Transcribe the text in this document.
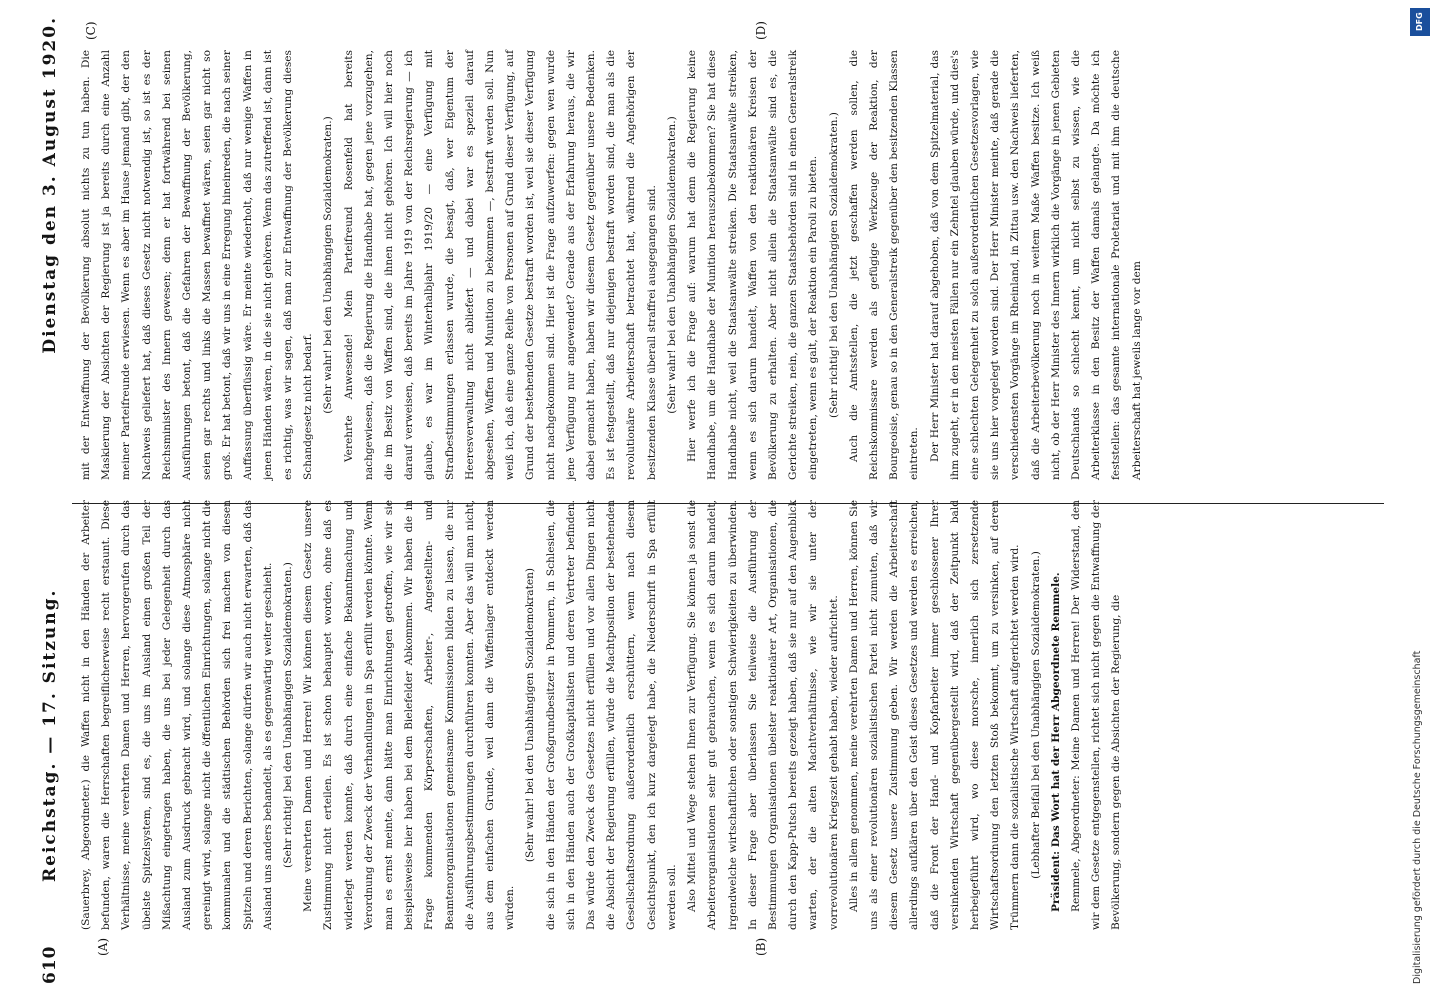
610
Reichstag. — 17. Sitzung.
Dienstag den 3. August 1920.
(A)	(B)
(C)	(D)

(Sauerbrey, Abgeordneter.) die Waffen nicht in den Händen der Arbeiter befunden, waren die Herrschaften begreiflicherweise recht erstaunt. Diese Verhältnisse, meine verehrten Damen und Herren, hervorgerufen durch das übelste Spitzelsystem, sind es, die uns im Ausland einen großen Teil der Mißachtung eingetragen haben, die uns bei jeder Gelegenheit durch das Ausland zum Ausdruck gebracht wird, und solange diese Atmosphäre nicht gereinigt wird, solange nicht die öffentlichen Einrichtungen, solange nicht die kommunalen und die städtischen Behörden sich frei machen von diesen Spitzeln und deren Berichten, solange dürfen wir auch nicht erwarten, daß das Ausland uns anders behandelt, als es gegenwärtig weiter geschieht. (Sehr richtig! bei den Unabhängigen Sozialdemokraten.) Meine verehrten Damen und Herren! Wir können diesem Gesetz unsere Zustimmung nicht erteilen. Es ist schon behauptet worden, ohne daß es widerlegt werden konnte, daß durch eine einfache Bekanntmachung und Verordnung der Zweck der Verhandlungen in Spa erfüllt werden könnte. Wenn man es ernst meinte, dann hätte man Einrichtungen getroffen, wie wir sie beispielsweise hier haben bei dem Bielefelder Abkommen. Wir haben die in Frage kommenden Körperschaften, Arbeiter-, Angestellten- und Beamtenorganisationen gemeinsame Kommissionen bilden zu lassen, die nur die Ausführungsbestimmungen durchführen konnten. Aber das will man nicht, aus dem einfachen Grunde, weil dann die Waffenlager entdeckt werden würden.

(Sehr wahr! bei den Unabhängigen Sozialdemokraten) die sich in den Händen der Großgrundbesitzer in Pommern, in Schlesien, die sich in den Händen auch der Großkapitalisten und deren Vertreter befinden. Das würde den Zweck des Gesetzes nicht erfüllen und vor allen Dingen nicht die Absicht der Regierung erfüllen, würde die Machtposition der bestehenden Gesellschaftsordnung außerordentlich erschüttern, wenn nach diesem Gesichtspunkt, den ich kurz dargelegt habe, die Niederschrift in Spa erfüllt werden soll. Also Mittel und Wege stehen Ihnen zur Verfügung. Sie können ja sonst die Arbeiterorganisationen sehr gut gebrauchen, wenn es sich darum handelt, irgendwelche wirtschaftlichen oder sonstigen Schwierigkeiten zu überwinden. In dieser Frage aber überlassen Sie teilweise die Ausführung der Bestimmungen Organisationen übelster reaktionärer Art, Organisationen, die durch den Kapp-Putsch bereits gezeigt haben, daß sie nur auf den Augenblick warten, der die alten Machtverhältnisse, wie wir sie unter der vorrevolutionären Kriegszeit gehabt haben, wieder aufrichtet. Alles in allem genommen, meine verehrten Damen und Herren, können Sie uns als einer revolutionären sozialistischen Partei nicht zumuten, daß wir diesem Gesetz unsere Zustimmung geben. Wir werden die Arbeiterschaft allerdings aufklären über den Geist dieses Gesetzes und werden es erreichen, daß die Front der Hand- und Kopfarbeiter immer geschlossener Ihrer versinkenden Wirtschaft gegenübergestellt wird, daß der Zeitpunkt bald herbeigeführt wird, wo diese morsche, innerlich sich zersetzende Wirtschaftsordnung den letzten Stoß bekommt, um zu versinken, auf deren Trümmern dann die sozialistische Wirtschaft aufgerichtet werden wird. (Lebhafter Beifall bei den Unabhängigen Sozialdemokraten.) Präsident: Das Wort hat der Herr Abgeordnete Remmele. Remmele, Abgeordneter: Meine Damen und Herren! Der Widerstand, den wir dem Gesetze entgegenstellen, richtet sich nicht gegen die Entwaffnung der Bevölkerung, sondern gegen die Absichten der Regierung, die

mit der Entwaffnung der Bevölkerung absolut nichts zu tun haben. Die Maskierung der Absichten der Regierung ist ja bereits durch eine Anzahl meiner Parteifreunde erwiesen. Wenn es aber im Hause jemand gibt, der den Nachweis geliefert hat, daß dieses Gesetz nicht notwendig ist, so ist es der Reichsminister des Innern gewesen; denn er hat fortwährend bei seinen Ausführungen betont, daß die Gefahren der Bewaffnung der Bevölkerung, seien gar rechts und links die Massen bewaffnet wären, seien gar nicht so groß. Er hat betont, daß wir uns in eine Erregung hineinreden, die nach seiner Auffassung überflüssig wäre. Er meinte wiederholt, daß nur wenige Waffen in jenen Händen wären, in die sie nicht gehören. Wenn das zutreffend ist, dann ist es richtig, was wir sagen, daß man zur Entwaffnung der Bevölkerung dieses Schandgesetz nicht bedarf. (Sehr wahr! bei den Unabhängigen Sozialdemokraten.) Verehrte Anwesende! Mein Parteifreund Rosenfeld hat bereits nachgewiesen, daß die Regierung die Handhabe hat, gegen jene vorzugehen, die im Besitz von Waffen sind, die ihnen nicht gehören. Ich will hier noch darauf verweisen, daß bereits im Jahre 1919 von der Reichsregierung — ich glaube, es war im Winterhalbjahr 1919/20 — eine Verfügung mit Strafbestimmungen erlassen wurde, die besagt, daß, wer Eigentum der Heeresverwaltung nicht abliefert — und dabei war es speziell darauf abgesehen, Waffen und Munition zu bekommen —, bestraft werden soll. Nun weiß ich, daß eine ganze Reihe von Personen auf Grund dieser Verfügung, auf Grund der bestehenden Gesetze bestraft worden ist, weil sie dieser Verfügung nicht nachgekommen sind. Hier ist die Frage aufzuwerfen: gegen wen wurde jene Verfügung nur angewendet? Gerade aus der Erfahrung heraus, die wir dabei gemacht haben, haben wir diesem Gesetz gegenüber unsere Bedenken. Es ist festgestellt, daß nur diejenigen bestraft worden sind, die man als die revolutionäre Arbeiterschaft betrachtet hat, während die Angehörigen der besitzenden Klasse überall straffrei ausgegangen sind. (Sehr wahr! bei den Unabhängigen Sozialdemokraten.) Hier werfe ich die Frage auf: warum hat denn die Regierung keine Handhabe, um die Handhabe der Munition herauszubekommen? Sie hat diese Handhabe nicht, weil die Staatsanwälte streiken. Die Staatsanwälte streiken, wenn es sich darum handelt, Waffen von den reaktionären Kreisen der Bevölkerung zu erhalten. Aber nicht allein die Staatsanwälte sind es, die Gerichte streiken, nein, die ganzen Staatsbehörden sind in einen Generalstreik eingetreten, wenn es galt, der Reaktion ein Paroli zu bieten. (Sehr richtig! bei den Unabhängigen Sozialdemokraten.) Auch die Amtsstellen, die jetzt geschaffen werden sollen, die Reichskommissare werden als gefügige Werkzeuge der Reaktion, der Bourgeoisie, genau so in den Generalstreik gegenüber den besitzenden Klassen eintreten. Der Herr Minister hat darauf abgehoben, daß von dem Spitzelmaterial, das ihm zugeht, er in den meisten Fällen nur ein Zehntel glauben würde, und dies's eine schlechten Gelegenheit zu solch außerordentlichen Gesetzesvorlagen, wie sie uns hier vorgelegt worden sind. Der Herr Minister meinte, daß gerade die verschiedensten Vorgänge im Rheinland, in Zittau usw. den Nachweis lieferten, daß die Arbeiterbevölkerung noch in weitem Maße Waffen besitze. Ich weiß nicht, ob der Herr Minister des Innern wirklich die Vorgänge in jenen Gebieten Deutschlands so schlecht kennt, um nicht selbst zu wissen, wie die Arbeiterklasse in den Besitz der Waffen damals gelangte. Da möchte ich feststellen: das gesamte internationale Proletariat und mit ihm die deutsche Arbeiterschaft hat jeweils lange vor dem

DFG
Digitalisierung gefördert durch die Deutsche Forschungsgemeinschaft
